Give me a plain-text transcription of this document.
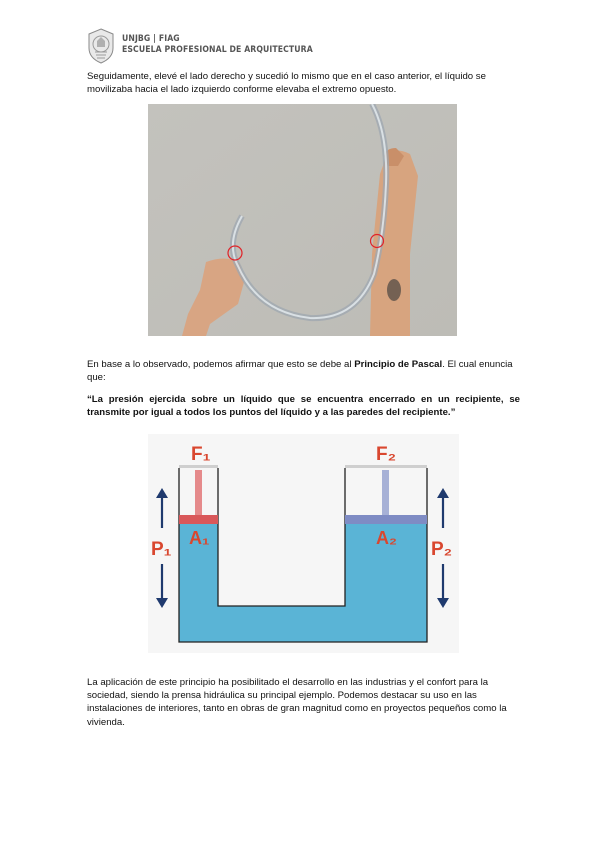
UNJBG | FIAG
ESCUELA PROFESIONAL DE ARQUITECTURA

Seguidamente, elevé el lado derecho y sucedió lo mismo que en el caso anterior, el líquido se movilizaba hacia el lado izquierdo conforme elevaba el extremo opuesto.

En base a lo observado, podemos afirmar que esto se debe al Principio de Pascal. El cual enuncia que:

“La presión ejercida sobre un líquido que se encuentra encerrado en un recipiente, se transmite por igual a todos los puntos del líquido y a las paredes del recipiente.”

F₁	F₂
A₁	A₂
P₁	P₂

La aplicación de este principio ha posibilitado el desarrollo en las industrias y el confort para la sociedad, siendo la prensa hidráulica su principal ejemplo. Podemos destacar su uso en las instalaciones de interiores, tanto en obras de gran magnitud como en proyectos pequeños como la vivienda.
